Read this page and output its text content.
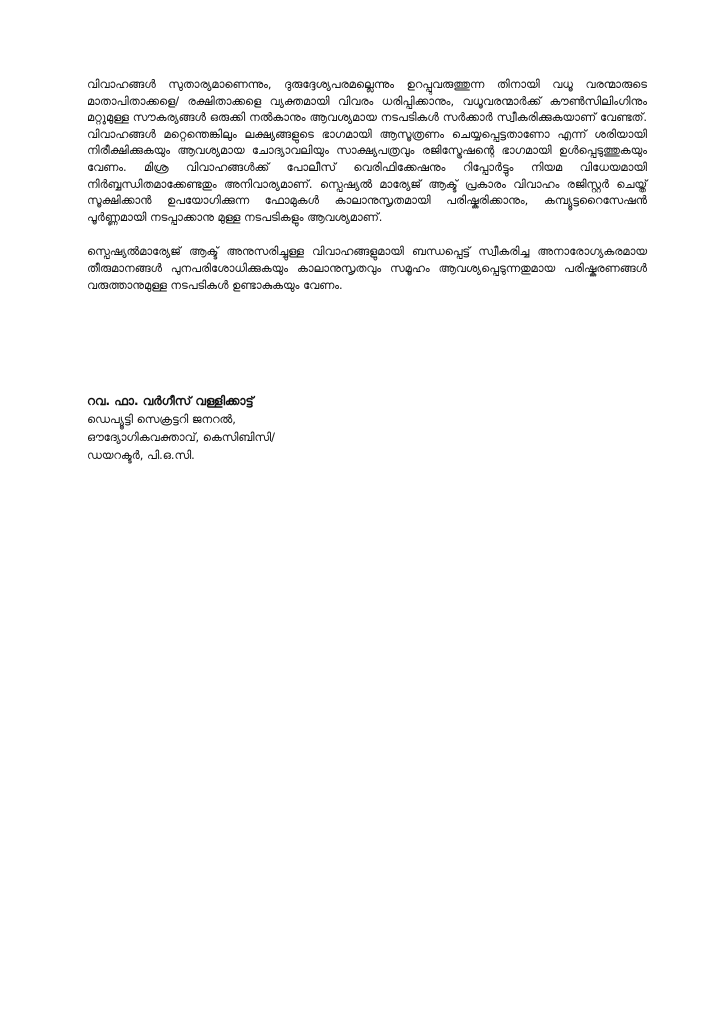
വിവാഹങ്ങൾ സുതാര്യമാണെന്നും, ദുരുദ്ദേശ്യപരമല്ലെന്നും ഉറപ്പുവരുത്തുന്ന തിനായി വധൂ വരന്മാരുടെ മാതാപിതാക്കളെ/ രക്ഷിതാക്കളെ വ്യക്തമായി വിവരം ധരിപ്പിക്കാനും, വധൂവരന്മാർക്ക് കൗൺസിലിംഗിനും മറ്റുമുള്ള സൗകര്യങ്ങൾ ഒരുക്കി നൽകാനും ആവശ്യമായ നടപടികൾ സർക്കാർ സ്വീകരിക്കുകയാണ് വേണ്ടത്. വിവാഹങ്ങൾ മറ്റെന്തെങ്കിലും ലക്ഷ്യങ്ങളുടെ ഭാഗമായി ആസൂത്രണം ചെയ്യപ്പെട്ടതാണോ എന്ന് ശരിയായി നിരീക്ഷിക്കുകയും ആവശ്യമായ ചോദ്യാവലിയും സാക്ഷ്യപത്രവും രജിസ്ട്രേഷന്റെ ഭാഗമായി ഉൾപ്പെടുത്തുകയും വേണം. മിശ്ര വിവാഹങ്ങൾക്ക് പോലീസ് വെരിഫിക്കേഷനും റിപ്പോർട്ടും നിയമ വിധേയമായി നിർബ്ബന്ധിതമാക്കേണ്ടതും അനിവാര്യമാണ്. സ്പെഷ്യൽ മാര്യേജ് ആക്ട് പ്രകാരം വിവാഹം രജിസ്റ്റർ ചെയ്ത് സൂക്ഷിക്കാൻ ഉപയോഗിക്കുന്ന ഫോമുകൾ കാലാനുസൃതമായി പരിഷ്കരിക്കാനും, കമ്പ്യൂട്ടറൈസേഷൻ പൂർണ്ണമായി നടപ്പാക്കാനു മുള്ള നടപടികളും ആവശ്യമാണ്.

സ്പെഷ്യൽമാര്യേജ് ആക്ട് അനുസരിച്ചുള്ള വിവാഹങ്ങളുമായി ബന്ധപ്പെട്ട് സ്വീകരിച്ച അനാരോഗ്യകരമായ തീരുമാനങ്ങൾ പുനപരിശോധിക്കുകയും കാലാനുസൃതവും സമൂഹം ആവശ്യപ്പെടുന്നതുമായ പരിഷ്കരണങ്ങൾ വരുത്താനുമുള്ള നടപടികൾ ഉണ്ടാകുകയും വേണം.

റവ. ഫാ. വർഗീസ് വള്ളിക്കാട്ട്

ഡെപ്യൂട്ടി സെക്രട്ടറി ജനറൽ,

ഔദ്യോഗികവക്താവ്, കെസിബിസി/

ഡയറക്ടർ, പി.ഒ.സി.
